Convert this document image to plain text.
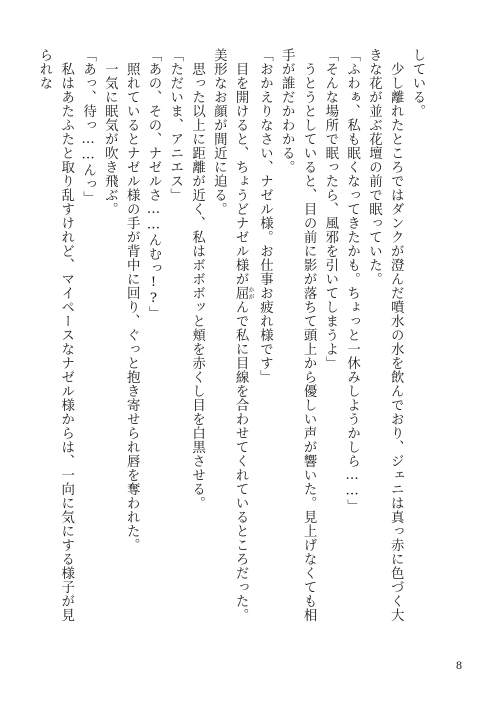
している。
　少し離れたところではダンクが澄んだ噴水の水を飲んでおり、ジェニは真っ赤に色づく大きな花が並ぶ花壇の前で眠っていた。
「ふわぁ、私も眠くなってきたかも。ちょっと一休みしようかしら……」
「そんな場所で眠ったら、風邪を引いてしまうよ」
　うとうとしていると、目の前に影が落ちて頭上から優しい声が響いた。見上げなくても相手が誰だかわかる。
「おかえりなさい、ナゼル様。お仕事お疲れ様です」
　目を開けると、ちょうどナゼル様が屈 かがんで私に目線を合わせてくれているところだった。美形なお顔が間近に迫る。
　思った以上に距離が近く、私はボボボッと頬を赤くし目を白黒させる。
「ただいま、アニエス」
「あの、その、ナゼルさ……んむっ!?」
　照れているとナゼル様の手が背中に回り、ぐっと抱き寄せられ唇を奪われた。
　一気に眠気が吹き飛ぶ。
「あっ、待っ……んっ」
　私はあたふたと取り乱すけれど、マイペースなナゼル様からは、一向に気にする様子が見られな
8
